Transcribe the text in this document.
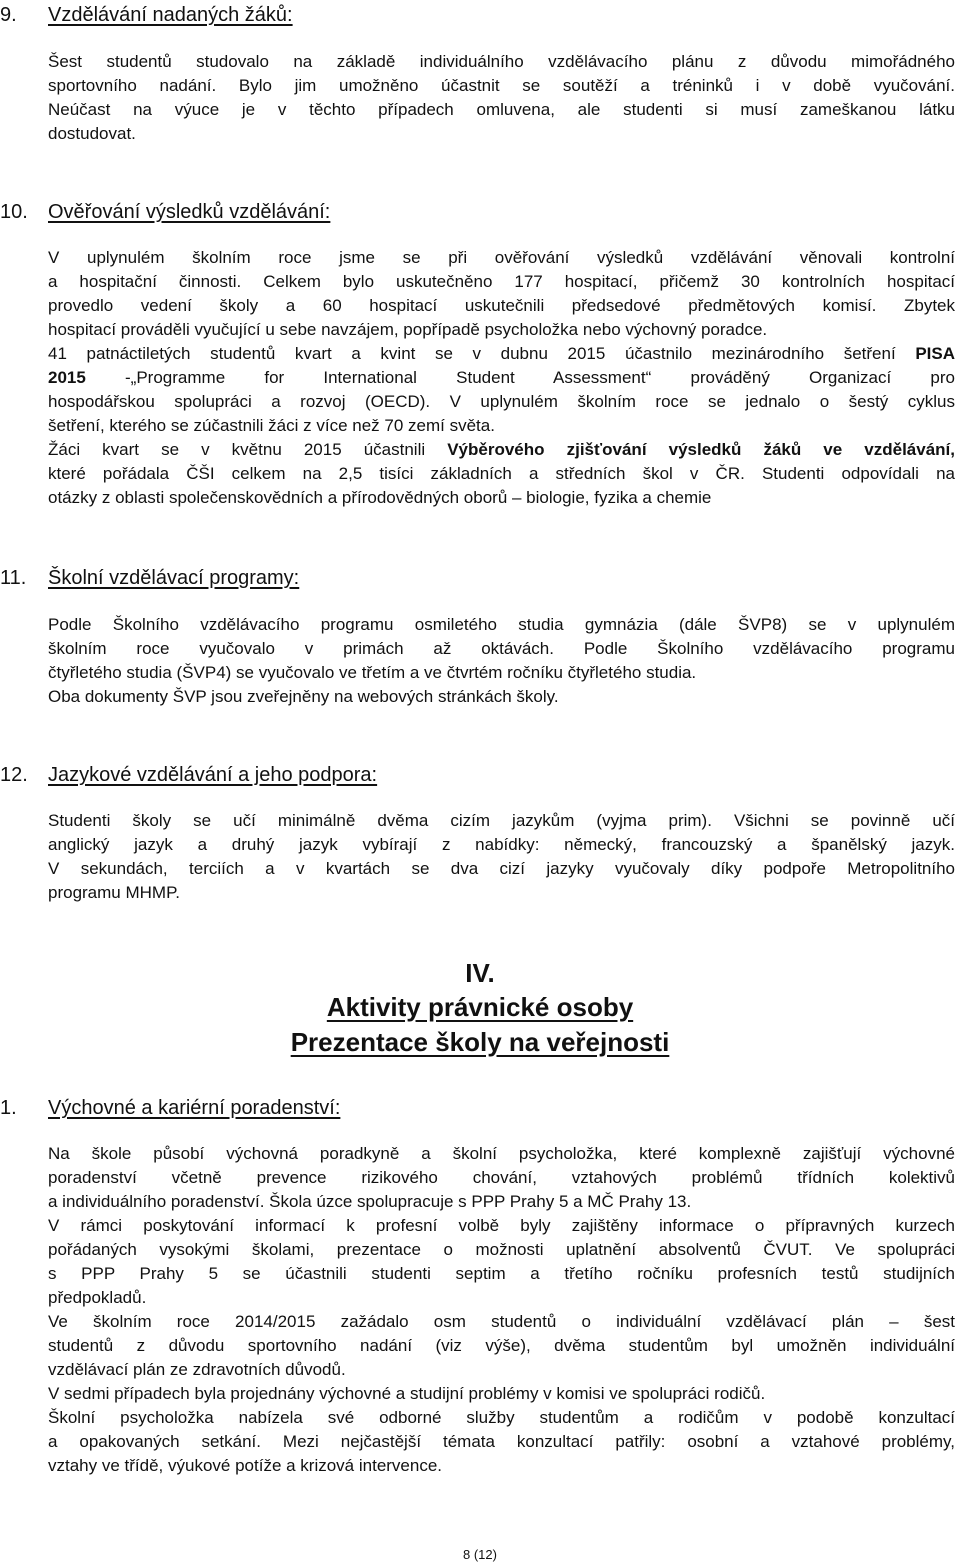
9. Vzdělávání nadaných žáků:
Šest studentů studovalo na základě individuálního vzdělávacího plánu z důvodu mimořádného
sportovního nadání. Bylo jim umožněno účastnit se soutěží a tréninků i v době vyučování.
Neúčast na výuce je v těchto případech omluvena, ale studenti si musí zameškanou látku
dostudovat.
10. Ověřování výsledků vzdělávání:
V uplynulém školním roce jsme se při ověřování výsledků vzdělávání věnovali kontrolní
a hospitační činnosti. Celkem bylo uskutečněno 177 hospitací, přičemž 30 kontrolních hospitací
provedlo vedení školy a 60 hospitací uskutečnili předsedové předmětových komisí. Zbytek
hospitací prováděli vyučující u sebe navzájem, popřípadě psycholožka nebo výchovný poradce.
41 patnáctiletých studentů kvart a kvint se v dubnu 2015 účastnilo mezinárodního šetření PISA
2015 -„Programme for International Student Assessment“ prováděný Organizací pro
hospodářskou spolupráci a rozvoj (OECD). V uplynulém školním roce se jednalo o šestý cyklus
šetření, kterého se zúčastnili žáci z více než 70 zemí světa.
Žáci kvart se v květnu 2015 účastnili Výběrového zjišťování výsledků žáků ve vzdělávání,
které pořádala ČŠI celkem na 2,5 tisíci základních a středních škol v ČR. Studenti odpovídali na
otázky z oblasti společenskovědních a přírodovědných oborů – biologie, fyzika a chemie
11. Školní vzdělávací programy:
Podle Školního vzdělávacího programu osmiletého studia gymnázia (dále ŠVP8) se v uplynulém
školním roce vyučovalo v primách až oktávách. Podle Školního vzdělávacího programu
čtyřletého studia (ŠVP4) se vyučovalo ve třetím a ve čtvrtém ročníku čtyřletého studia.
Oba dokumenty ŠVP jsou zveřejněny na webových stránkách školy.
12. Jazykové vzdělávání a jeho podpora:
Studenti školy se učí minimálně dvěma cizím jazykům (vyjma prim). Všichni se povinně učí
anglický jazyk a druhý jazyk vybírají z nabídky: německý, francouzský a španělský jazyk.
V sekundách, terciích a v kvartách se dva cizí jazyky vyučovaly díky podpoře Metropolitního
programu MHMP.
IV.
Aktivity právnické osoby
Prezentace školy na veřejnosti
1. Výchovné a kariérní poradenství:
Na škole působí výchovná poradkyně a školní psycholožka, které komplexně zajišťují výchovné
poradenství včetně prevence rizikového chování, vztahových problémů třídních kolektivů
a individuálního poradenství. Škola úzce spolupracuje s PPP Prahy 5 a MČ Prahy 13.
V rámci poskytování informací k profesní volbě byly zajištěny informace o přípravných kurzech
pořádaných vysokými školami, prezentace o možnosti uplatnění absolventů ČVUT. Ve spolupráci
s PPP Prahy 5 se účastnili studenti septim a třetího ročníku profesních testů studijních
předpokladů.
Ve školním roce 2014/2015 zažádalo osm studentů o individuální vzdělávací plán – šest
studentů z důvodu sportovního nadání (viz výše), dvěma studentům byl umožněn individuální
vzdělávací plán ze zdravotních důvodů.
V sedmi případech byla projednány výchovné a studijní problémy v komisi ve spolupráci rodičů.
Školní psycholožka nabízela své odborné služby studentům a rodičům v podobě konzultací
a opakovaných setkání. Mezi nejčastější témata konzultací patřily: osobní a vztahové problémy,
vztahy ve třídě, výukové potíže a krizová intervence.
8 (12)
